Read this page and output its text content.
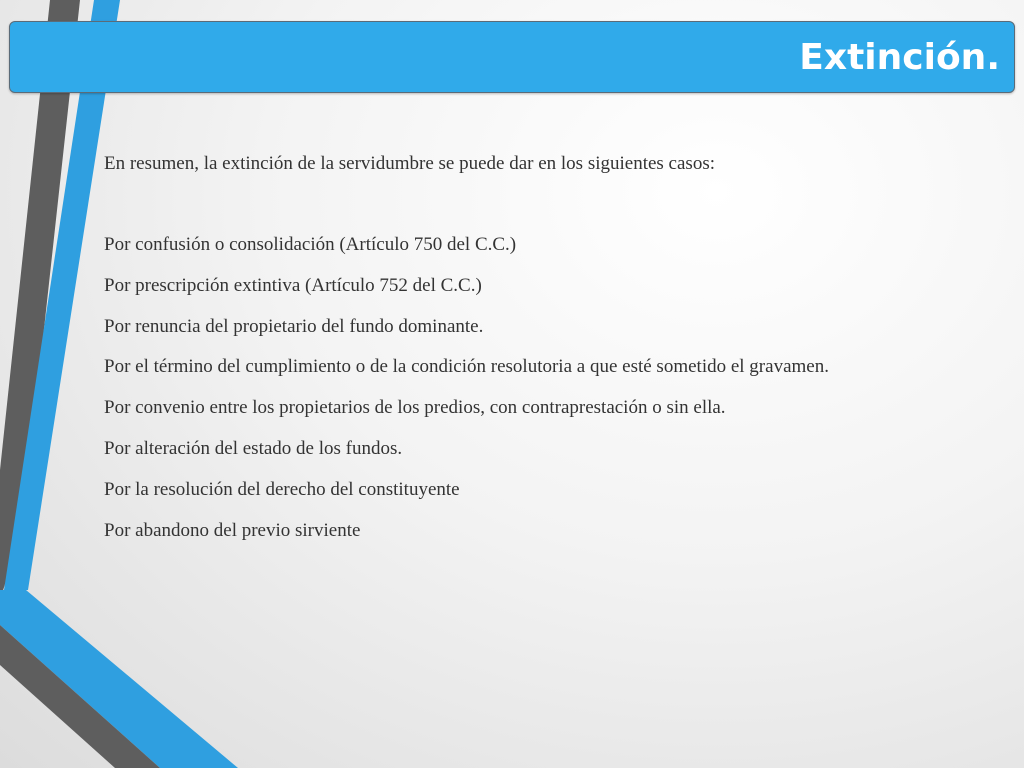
Extinción.

En resumen, la extinción de la servidumbre se puede dar en los siguientes casos:

Por confusión o consolidación (Artículo 750 del C.C.)
Por prescripción extintiva (Artículo 752 del C.C.)
Por renuncia del propietario del fundo dominante.
Por el término del cumplimiento o de la condición resolutoria a que esté sometido el gravamen.
Por convenio entre los propietarios de los predios, con contraprestación o sin ella.
Por alteración del estado de los fundos.
Por la resolución del derecho del constituyente
Por abandono del previo sirviente
